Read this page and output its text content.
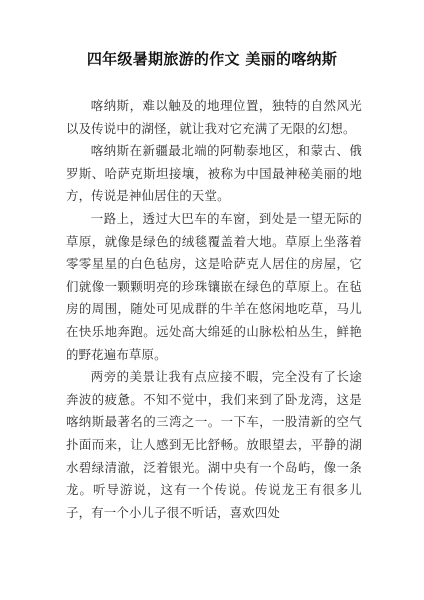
四年级暑期旅游的作文 美丽的喀纳斯

喀纳斯，难以触及的地理位置，独特的自然风光以及传说中的湖怪，就让我对它充满了无限的幻想。

喀纳斯在新疆最北端的阿勒泰地区，和蒙古、俄罗斯、哈萨克斯坦接壤，被称为中国最神秘美丽的地方，传说是神仙居住的天堂。

一路上，透过大巴车的车窗，到处是一望无际的草原，就像是绿色的绒毯覆盖着大地。草原上坐落着零零星星的白色毡房，这是哈萨克人居住的房屋，它们就像一颗颗明亮的珍珠镶嵌在绿色的草原上。在毡房的周围，随处可见成群的牛羊在悠闲地吃草，马儿在快乐地奔跑。远处高大绵延的山脉松柏丛生，鲜艳的野花遍布草原。

两旁的美景让我有点应接不暇，完全没有了长途奔波的疲惫。不知不觉中，我们来到了卧龙湾，这是喀纳斯最著名的三湾之一。一下车，一股清新的空气扑面而来，让人感到无比舒畅。放眼望去，平静的湖水碧绿清澈，泛着银光。湖中央有一个岛屿，像一条龙。听导游说，这有一个传说。传说龙王有很多儿子，有一个小儿子很不听话，喜欢四处
